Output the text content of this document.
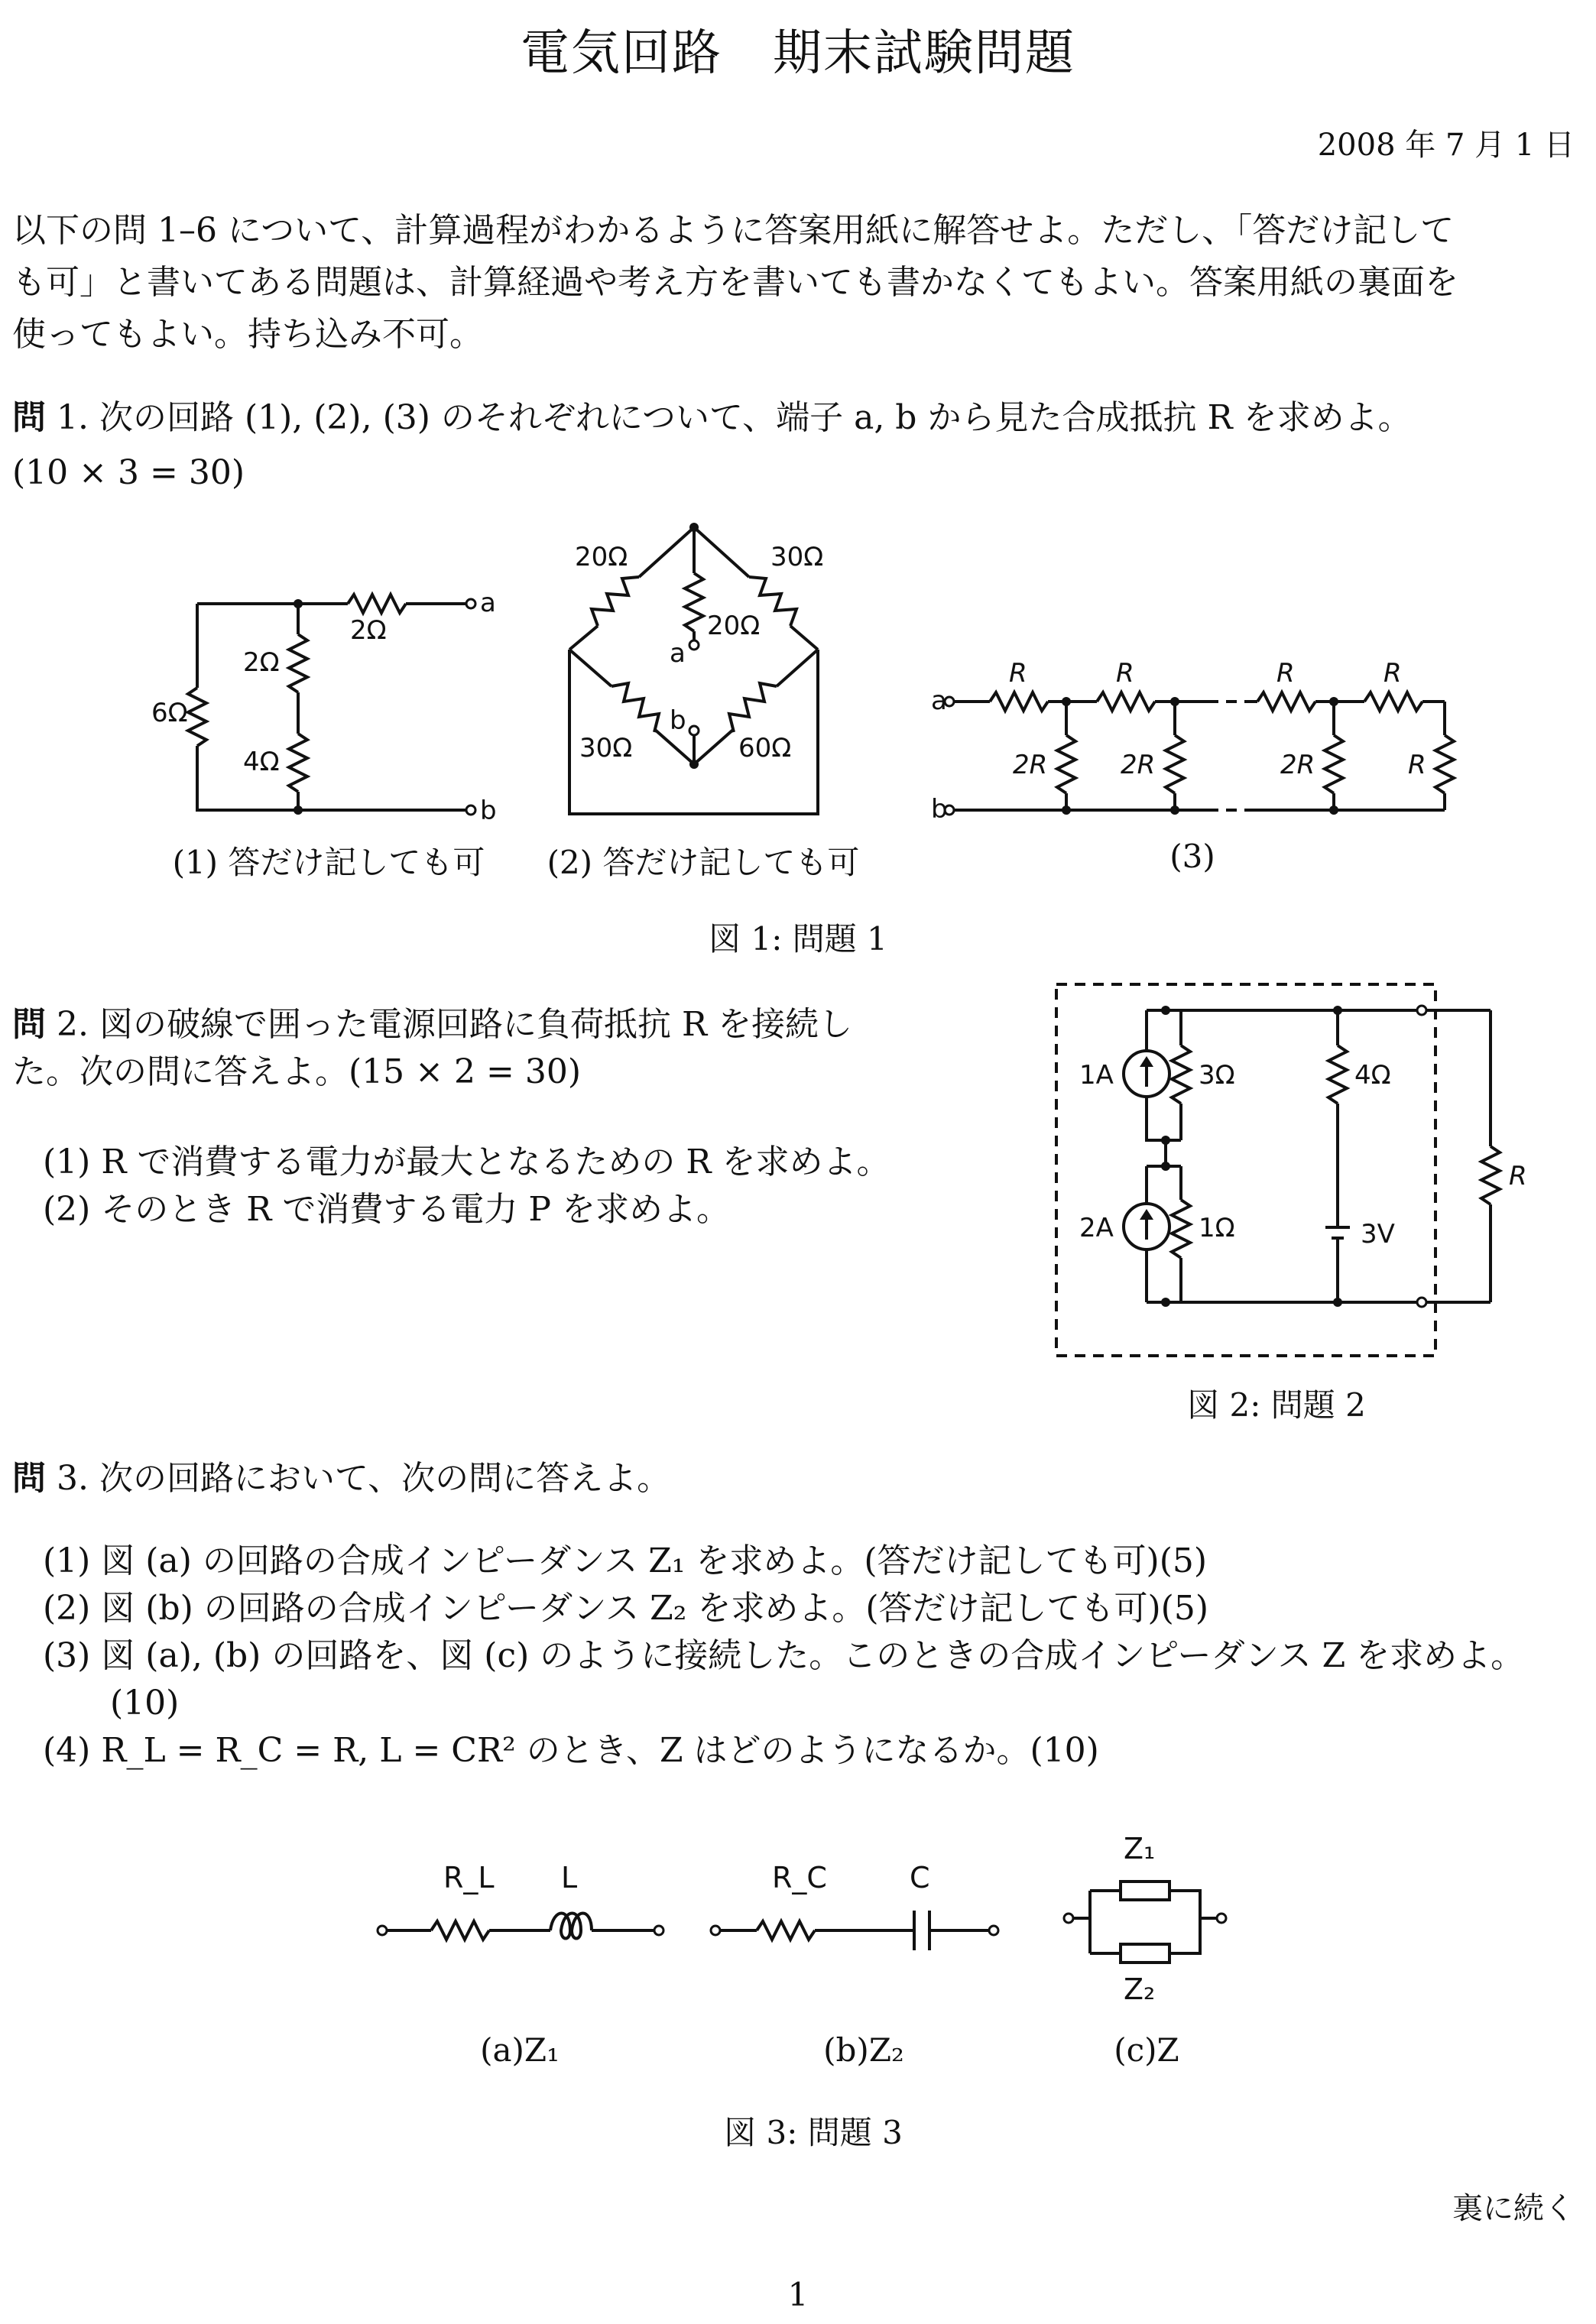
電気回路　期末試験問題
2008 年 7 月 1 日
以下の問 1–6 について、計算過程がわかるように答案用紙に解答せよ。ただし、「答だけ記して
も可」と書いてある問題は、計算経過や考え方を書いても書かなくてもよい。答案用紙の裏面を
使ってもよい。持ち込み不可。
問 1. 次の回路 (1), (2), (3) のそれぞれについて、端子 a, b から見た合成抵抗 R を求めよ。
(10 × 3 = 30)
2Ω
2Ω
4Ω
6Ω
a
b
20Ω	30Ω
20Ω
30Ω	60Ω
a
b
a
b
R	R	R	R
2R	2R	2R	R
(1) 答だけ記しても可	(2) 答だけ記しても可	(3)
図 1: 問題 1
問 2. 図の破線で囲った電源回路に負荷抵抗 R を接続し
た。次の問に答えよ。(15 × 2 = 30)
(1) R で消費する電力が最大となるための R を求めよ。
(2) そのとき R で消費する電力 P を求めよ。
1A	3Ω	4Ω
2A	1Ω	3V
R
図 2: 問題 2
問 3. 次の回路において、次の問に答えよ。
(1) 図 (a) の回路の合成インピーダンス Z₁ を求めよ。(答だけ記しても可)(5)
(2) 図 (b) の回路の合成インピーダンス Z₂ を求めよ。(答だけ記しても可)(5)
(3) 図 (a), (b) の回路を、図 (c) のように接続した。このときの合成インピーダンス Z を求めよ。
(10)
(4) R_L = R_C = R, L = CR² のとき、Z はどのようになるか。(10)
R_L L	R_C	C
Z₁
Z₂
(a)Z₁	(b)Z₂	(c)Z
図 3: 問題 3
裏に続く
1
